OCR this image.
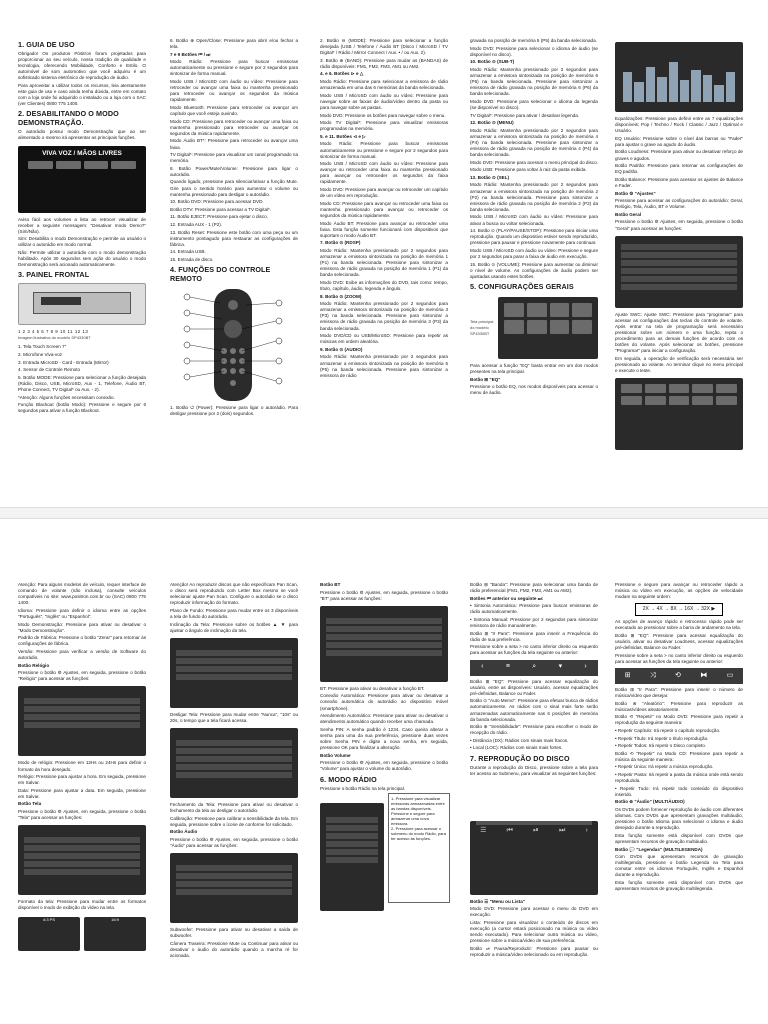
1. GUIA DE USO

Obrigado! Os produtos Pósitron foram projetados para proporcionar ao seu veículo, nossa tradição de qualidade e tecnologia, oferecendo Mobilidade, Conforto e Estilo. O automóvel de som automotivo que você adquiriu é um sofisticado sistema eletrônico de reprodução de áudio.

Para aproveitar a utilizar todos os recursos, leia atentamente este guia de uso e caso ainda tenha dúvida, entre em contato com a loja onde foi adquirido o instalado ou a loja com o SAC (ver Clientes) 0800 775 1400.

2. DESABILITANDO O MODO DEMONSTRAÇÃO.

O autorádio possui modo Demonstração que ao ser alimentado o mesmo irá apresentar as principais funções.

VIVA VOZ / MÃOS LIVRES

Aviso fácil aos volumes a lista ao retrocer visualizar de receber a seguinte mensagem: "Desativar modo Demo?" (Sim/Não).

Sim: Desabilita o modo Demonstração e permite ao usuário o utilizar o autorádio em modo normal.

Não: Permite utilizar o autorádio com o modo demonstração habilitado. Após 30 segundos sem ação do usuário o modo Demonstração será acionado automaticamente.

3. PAINEL FRONTAL
1 2 3 4 5 6 7 8 9 10 11 12 13
Imagem ilustrativa do modelo SP4330BT

1. Tela Touch Screen 7"

2. Microfone Viva-voz

3. Entrada MicroSD - Card - Entrada (Mirror)

4. Sensor de Controle Remoto

5. Botão MODE: Pressione para selecionar a função desejada (Rádio, Disco, USB, MicroSD, Aux - 1, Telefone, Áudio BT, Phone Connect, TV Digital* ou Aux. - 2).

*Atenção: Alguns funções necessitam conexão.

Função Blackout (botão Modo): Pressione e segure por 6 segundos para ativar a função Blackout.

6. Botão ⊕ Open/Close: Pressione para abrir e/ou fechar a tela.

7 e 9 Botões ⏮ / ⏭

Modo Rádio: Pressione para buscar emissoras automaticamente ou pressione e segure por 2 segundos para sintonizar de forma manual.

Modo USB / MicroSD com áudio ou vídeo: Pressione para retroceder ou avançar uma faixa ou mantenha pressionado para retroceder ou avançar os segundos da música rapidamente.

Modo Bluetooth: Pressione para retroceder ou avançar um capítulo que você esteja ouvindo.

Modo CD: Pressione para retroceder ou avançar uma faixa ou mantenha pressionado para retroceder ou avançar os segundos da música rapidamente.

Modo Áudio BT*: Pressione para retroceder ou avançar uma faixa.

TV Digital*: Pressione para visualizar um canal programado na memória.

8. Botão Power/Mute/Volume: Pressione para ligar o autorádio.

Quando ligado, pressione para silenciar/ativar a função Mute. Gire para o sentido horário para aumentar o volume ou mantenha pressionado para desligar o autorádio.

10. Botão DVD: Pressione para acessar DVD.

Botão DTV: Pressione para acessar a TV Digital*.

11. Botão EJECT: Pressione para ejetar o disco.

12. Entrada AUX - 1 (P2).

13. Botão Reset: Pressione este botão com uma peça ou um instrumento pontiagudo para restaurar as configurações de fábrica.

14. Entrada USB.

15. Entrada de disco.

4. FUNÇÕES DO CONTROLE REMOTO

1. Botão ⏻ (Power): Pressione para ligar o autorádio. Para desligar pressione por 2 (dois) segundos.

2. Botão ⊖ (MODE): Pressione para selecionar a função desejada (USB / Telefone / Áudio BT (Disco / MicroSD / TV Digital* / Rádio / Mirror Connect / Aux. • / ou Aux. 2).

3. Botão ⊕ (BAND): Pressione para mudar as (BANDAS) de rádio disponíveis: FM1, FM2, FM3, AM1 ou AM2.

4. e 6. Botões ⊳ e △

Modo Rádio: Pressione para selecionar a emissora de rádio armazenada em uma das 6 memórias da banda selecionada.

Modo USB / MicroSD com áudio ou vídeo: Pressione para navegar sobre as faixas de áudio/vídeo dentro da pasta ou para navegar sobre as pastas.

Modo DVD: Pressione os botões para navegar sobre o menu.

Modo TV Digital*: Pressione para visualizar emissoras programadas na memória.

5. e 11. Botões ⊲ e ▷

Modo Rádio: Pressione para buscar emissoras automaticamente ou pressione e segure por 2 segundos para sintonizar de forma manual.

Modo USB / MicroSD com áudio ou vídeo: Pressione para avançar ou retroceder uma faixa ou mantenha pressionado para avançar ou retroceder os segundos da faixa rapidamente.

Modo DVD: Pressione para avançar ou retroceder um capítulo de um vídeo em reprodução.

Modo CD: Pressione para avançar ou retroceder uma faixa ou mantenha pressionado para avançar ou retroceder os segundos da música rapidamente.

Modo Áudio BT: Pressione para avançar ou retroceder uma faixa. Esta função somente funcionará com dispositivos que suportam o modo Áudio BT.

7. Botão ⊙ (RDSP)

Modo Rádio: Mantenha pressionado por 2 segundos para armazenar a emissora sintonizada na posição de memória 1 (P1) na banda selecionada. Pressione para sintonizar a emissora de rádio gravada na posição de memória 1 (P1) da banda selecionada.

Modo DVD: Exibe as informações do DVD, tais como: tempo, título, capítulo, áudio, legenda e ângulo.

8. Botão ⊙ (ZOOM)

Modo Rádio: Mantenha pressionado por 2 segundos para armazenar a emissora sintonizada na posição de memória 3 (P3) na banda selecionada. Pressione para sintonizar a emissora de rádio gravada na posição de memória 3 (P3) da banda selecionada.

Modo DVD/CD ou USB/MicroSD: Pressione para repetir as músicas em ordem aleatória.

9. Botão ⊙ (AUDIO)

Modo Rádio: Mantenha pressionado por 2 segundos para armazenar a emissora sintonizada na posição de memória 5 (P5) na banda selecionada. Pressione para sintonizar a emissora de rádio

gravada na posição de memória 5 (P5) da banda selecionada.

Modo DVD: Pressione para selecionar o idioma de áudio (se disponível no disco).

10. Botão ⊙ (SUB-T)

Modo Rádio: Mantenha pressionado por 2 segundos para armazenar a emissora sintonizada na posição de memória 6 (P6) na banda selecionada. Pressione para sintonizar a emissora de rádio gravada na posição de memória 6 (P6) da banda selecionada.

Modo DVD: Pressione para selecionar o idioma da legenda (se disponível no disco).

TV Digital*: Pressione para ativar / desativar legenda.

12. Botão ⊙ (MENU)

Modo Rádio: Mantenha pressionado por 2 segundos para armazenar a emissora sintonizada na posição de memória 4 (P4) na banda selecionada. Pressione para sintonizar a emissora de rádio gravada na posição de memória 4 (P4) da banda selecionada.

Modo DVD: Pressione para acessar o menu principal do disco.

Modo USB: Pressione para voltar à raiz da pasta exibida.

13. Botão ⊙ (SEL)

Modo Rádio: Mantenha pressionado por 2 segundos para armazenar a emissora sintonizada na posição de memória 2 (P2) na banda selecionada. Pressione para sintonizar a emissora de rádio gravada na posição de memória 2 (P2) da banda selecionada.

Modo USB / MicroSD com áudio ou vídeo: Pressione para ativar a busca ou voltar selecionada.

14. Botão ⊙ (PLAY/PAUSE/STOP): Pressione para iniciar uma reprodução. Quando um dispositivo estiver sendo reproduzido, pressione para pausar e pressione novamente para continuar.

Modo USB / MicroSD com áudio ou vídeo: Pressione e segure por 2 segundos para parar a faixa de áudio em execução.

15. Botão ⊙ (VOLUME): Pressione para aumentar ou diminuir o nível de volume. As configurações de áudio podem ser ajustadas usando estes botões.

5. CONFIGURAÇÕES GERAIS
Tela principal do modelo SP4330BT

Para acessar a função "EQ" basta entrar em um dos modos presentes na tela principal.

Botão ⊞ "EQ"

Pressione o botão EQ, nos modos disponíveis para acessar o menu de áudio.

Equalizações: Pressione para definir entre as 7 equalizações disponíveis: Pop / Techno / Rock / Classic / Jazz / Optimal e Usuário.

EQ Usuário: Pressione sobre o nível das barras ou "Fader" para ajustar o grave ao agudo do áudio.

Botão Loudness: Pressione para ativar ou desativar reforço de graves e agudos.

Botão Padrão: Pressione para retornar as configurações de EQ padrão.

Botão Balance: Pressione para acessar os ajustes de Balance e Fader.

Botão ⚙ "Ajustes"

Pressione para acessar as configurações do autorádio: Geral, Relógio, Tela, Áudio, BT e Volume.

Botão Geral

Pressione o botão ⚙ Ajustes, em seguida, pressione o botão "Geral" para acessar as funções:

Ajuste SWC: Ajuste SWC: Pressione para "programar" para acessar as configurações das teclas do controle de volante. Após entrar na tela de programação será necessário pressionar sobre um número e uma função, repita o procedimento para as demais funções de acordo com os botões do volante. Após selecionar os botões, pressione "Programar" para iniciar a configuração.

Em seguida, a operação de verificação será necessária ser pressionado ao volante. Ao terminar clique no menu principal e execute o teste.

Atenção: Para alguns modelos de veículo, requer interface de comando de volante (não inclusa), consulte veículos compatíveis no site: www.positron.com.br ou (SAC) 0800 775 1400.

Idioma: Pressione para definir o idioma entre as opções "Português", "Inglês" ou "Espanhol".

Modo Demonstração: Pressione para ativar ou desativar o "Modo Demonstração".

Padrão de Fábrica: Pressione o botão "Zerar" para retornar às configurações de fábrica.

Versão: Pressione para verificar a versão de Software do autorádio.

Botão Relógio

Pressione o botão ⚙ Ajustes, em seguida, pressione o botão "Relógio" para acessar as funções:

Modo de relógio: Pressione em 12Hs ou 24Hs para definir o formato da hora desejado.

Relógio: Pressione para ajustar a hora. Em seguida, pressione em Salvar.

Data: Pressione para ajustar a data. Em seguida, pressione em Salvar.

Botão Tela

Pressione o botão ⚙ Ajustes, em seguida, pressione o botão "Tela" para acessar as funções:

Formato da tela: Pressione para mudar entre os formatos disponível o modo de exibição do vídeo na tela.

4:3 PS	16:9

Atenção! Ao reproduzir discos que não especificam Pan Scan, o disco será reproduzido com Letter Box mesmo se você selecionar ajuste Pan Scan. Configure o autorádio se o disco reproduzir informação do formato.

Plano de Fundo: Pressione para mudar entre os 3 disponíveis a tela de fundo do autorádio.

Inclinação da Tela: Pressione sobre os botões ▲ ▼ para ajustar o ângulo de inclinação da tela.

Desligar Tela: Pressione para mudar entre "Nunca", "10s" ou 20s, o tempo que a tela ficará acessa.

Fechamento da Tela: Pressione para ativar ou desativar o fechamento da tela ao desligar o autorádio.

Calibração: Pressione para calibrar a sensibilidade da tela. Em seguida, pressione sobre o ícone de conforme for solicitado.

Botão Áudio

Pressione o botão ⚙ Ajustes, em seguida, pressione o botão "Áudio" para acessar as funções:

Subwoofer: Pressione para ativar ou desativar a saída de subwoofer.

Câmera Traseira: Pressione Mute ou Continuar para ativar ou desativar o áudio do autorádio quando a marcha ré for acionada.

Botão BT

Pressione o botão ⚙ Ajustes, em seguida, pressione o botão "BT" para acessar as funções:

BT: Pressione para ativar ou desativar a função BT.

Conexão Automática: Pressione para ativar ou desativar a conexão automática do autorádio ao dispositivo móvel (smartphone).

Atendimento Automático: Pressione para ativar ou desativar o atendimento automático quando receber uma chamada.

Senha PIN: A senha padrão é 1234. Caso queira alterar a senha para uma da sua preferência, pressione duas vezes sobre Senha PIN e digite a nova senha, em seguida, pressione OK para finalizar a alteração.

Botão Volume

Pressione o botão ⚙ Ajustes, em seguida, pressione o botão "Volume" para ajustar o volume do autorádio.

6. MODO RÁDIO

Pressione o botão Rádio na tela principal.

1- Pressione para visualizar emissoras armazenadas entre as bandas disponíveis.
Pressione e segure para armazenar uma nova emissora.
2- Pressione para acessar o submenu do modo Rádio, para ter acesso às funções.

Botão ⊞ "Banda": Pressione para selecionar uma banda de rádio preferencial (FM1, FM2, FM3, AM1 ou AM2).

Botões ⏮ anterior ou seguinte ⏭:

• Sintonia Automática: Pressione para buscar emissoras de rádio automaticamente.

• Sintonia Manual: Pressione por 2 segundos para sintonizar emissora de rádio manualmente.

Botão ⊞ "Ir Para": Pressione para inserir a Frequência do rádio de sua preferência.

Pressione sobre a seta > no canto inferior direito ou esquerdo para acessar as funções da tela seguinte ou anterior:

‹	≡	⌕	▾	›

Botão ⊞ "EQ": Pressione para acessar equalização do usuário, entre as disponíveis: Usuário, acessar equalizações pré-definidas, Balance ou Fader.

Botão ⊙ "Auto Memo": Pressione para efetuar busca de rádios automaticamente. As rádios com o sinal mais forte serão armazenadas automaticamente nas 6 posições de memória da banda selecionada.

Botão ⊕ "Sensibilidade": Pressione para escolher o modo de recepção do rádio.

• Distância (DX): Rádios com sinais mais fracos.

• Local (LOC): Rádios com sinais mais fortes.

7. REPRODUÇÃO DO DISCO

Durante a reprodução do Disco, pressione sobre a tela para ter acesso ao Submenu, para visualizar as seguintes funções:

☰	⏮	⏯	⏭	›

Botão ☰ "Menu ou Lista"

Modo DVD: Pressione para acessar o menu do DVD em execução.

Lista: Pressione para visualizar o conteúdo de discos em execução (a cursor estará posicionado na música ou vídeo sendo executado). Para selecionar outra música ou vídeo, pressione sobre a música/vídeo de sua preferência.

Botão ⏯ Pausa/Reproduzir: Pressione para pausar ou reproduzir a música/vídeo selecionado ou em reprodução.

Pressione e segure para avançar ou retroceder rápido a música ou vídeo em execução, as opções de velocidade mudam na seguinte ordem:

2X → 4X → 8X → 16X → 32X ▶

As opções de avanço rápido e retrocesso rápido pode ser executado ao pressionar sobre a barra de andamento na tela.

Botão ⊞ "EQ": Pressione para acessar equalização do usuário, ativar ou desativar Loudness, acessar equalizações pré-definidas, Balance ou Fader.

Pressione sobre a seta > no canto inferior direito ou esquerdo para acessar as funções da tela seguinte ou anterior:

⊞	⤨	⟲	⧓	▭

Botão ⊞ "Ir Para": Pressione para inserir o número de música/vídeo que desejar.

Botão ⊗ "Aleatório": Pressione para reproduzir as músicas/vídeos aleatoriamente.

Botão ⟲ "Repetir" no Modo DVD: Pressione para repetir a reprodução da seguinte maneira:

• Repetir Capítulo: Irá repetir o capítulo reprodução.

• Repetir Título: Irá repetir o título reprodução.

• Repetir Todos: Irá repetir o Disco completo.

Botão ⟲ "Repetir" no Modo CD: Pressione para repetir a música da seguinte maneira:

• Repetir Única: Irá repetir a música reprodução.

• Repetir Pasta: Irá repetir a pasta da música onde está sendo reproduzida.

• Repetir Tudo: Irá repetir todo conteúdo do dispositivo inserido.

Botão ⊚ "Áudio" (MULTIÁUDIO)

Os DVDs podem fornecer reprodução de áudio com diferentes idiomas. Com DVDs que apresentam gravações multiáudio, pressione o botão Idioma para selecionar o idioma e áudio desejado durante a reprodução.

Esta função somente está disponível com DVDs que apresentam recursos de gravação multiáudio.

Botão 💬 "Legendas" (MULTILEGENDA)

Com DVDs que apresentam recursos de gravação multilegenda, pressione o botão Legenda na Tela para comutar entre os idiomas Português, Inglês e Espanhol durante a reprodução.

Esta função somente está disponível com DVDs que apresentam recursos de gravação multilegenda.
